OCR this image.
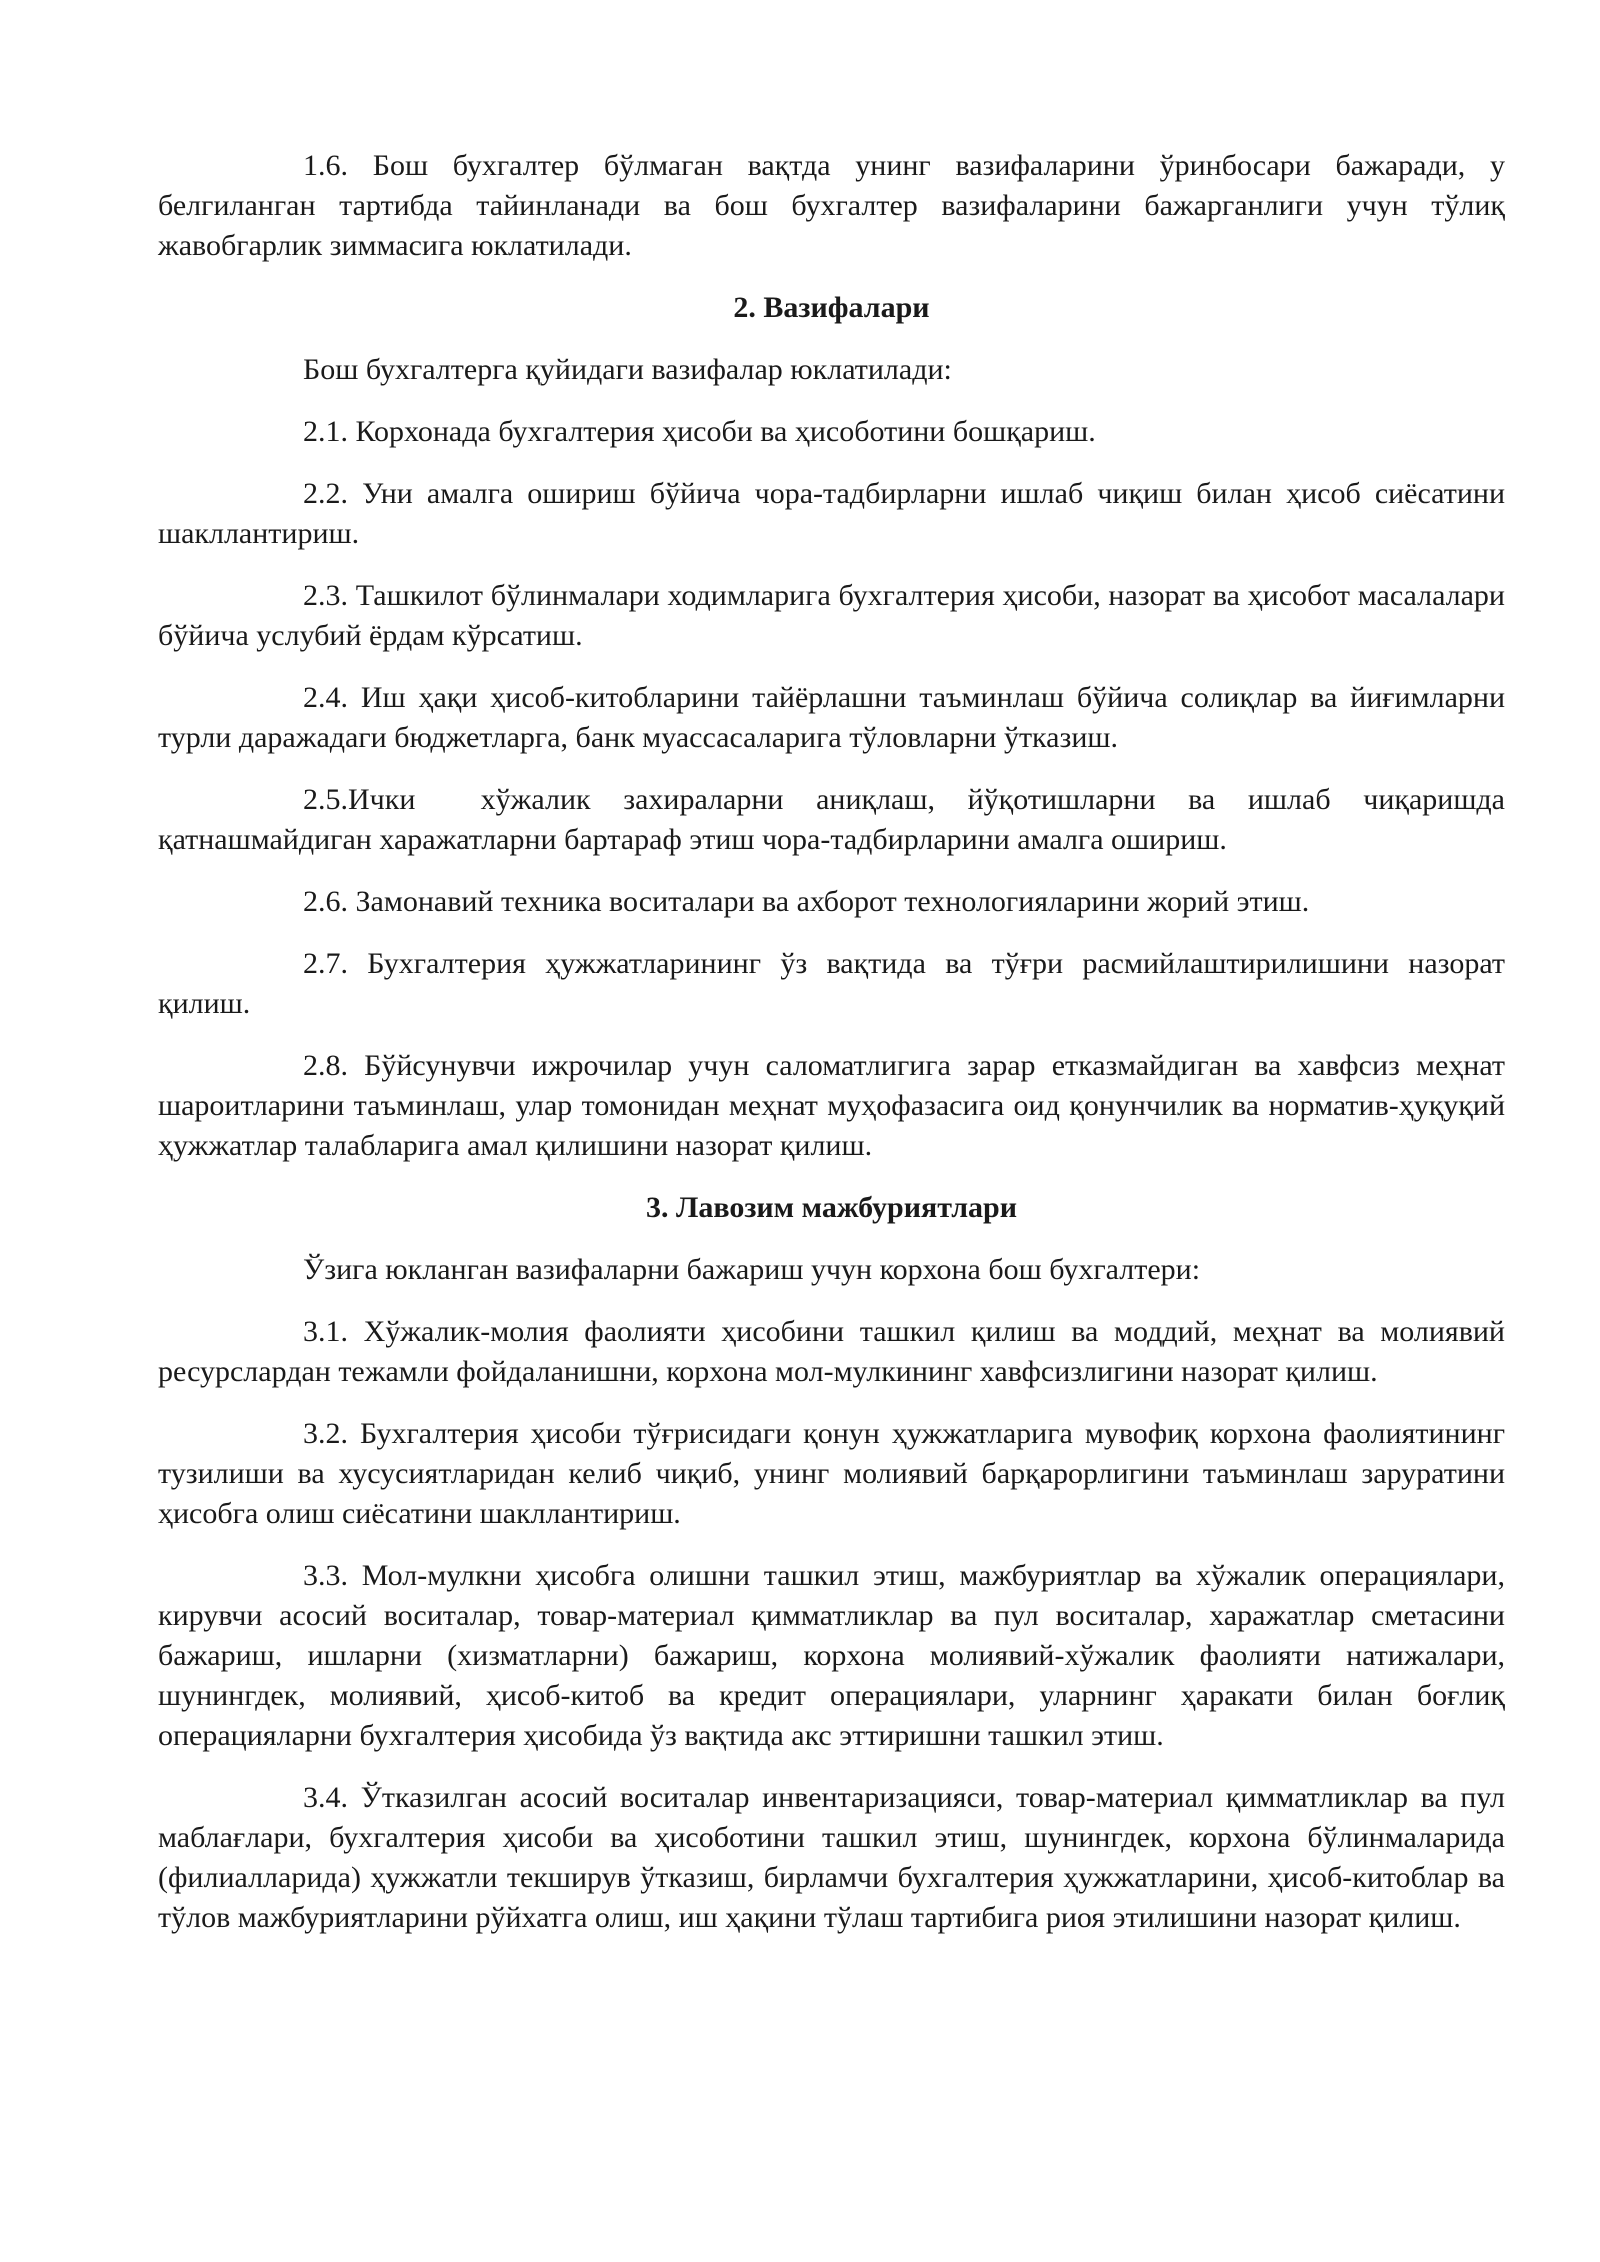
1.6. Бош бухгалтер бўлмаган вақтда унинг вазифаларини ўринбосари бажаради, у белгиланган тартибда тайинланади ва бош бухгалтер вазифаларини бажарганлиги учун тўлиқ жавобгарлик зиммасига юклатилади.

2. Вазифалари

Бош бухгалтерга қуйидаги вазифалар юклатилади:

2.1. Корхонада бухгалтерия ҳисоби ва ҳисоботини бошқариш.

2.2. Уни амалга ошириш бўйича чора-тадбирларни ишлаб чиқиш билан ҳисоб сиёсатини шакллантириш.

2.3. Ташкилот бўлинмалари ходимларига бухгалтерия ҳисоби, назорат ва ҳисобот масалалари бўйича услубий ёрдам кўрсатиш.

2.4. Иш ҳақи ҳисоб-китобларини тайёрлашни таъминлаш бўйича солиқлар ва йиғимларни турли даражадаги бюджетларга, банк муассасаларига тўловларни ўтказиш.

2.5.Ички  хўжалик захираларни аниқлаш, йўқотишларни ва ишлаб чиқаришда қатнашмайдиган харажатларни бартараф этиш чора-тадбирларини амалга ошириш.

2.6. Замонавий техника воситалари ва ахборот технологияларини жорий этиш.

2.7. Бухгалтерия ҳужжатларининг ўз вақтида ва тўғри расмийлаштирилишини назорат қилиш.

2.8. Бўйсунувчи ижрочилар учун саломатлигига зарар етказмайдиган ва хавфсиз меҳнат шароитларини таъминлаш, улар томонидан меҳнат муҳофазасига оид қонунчилик ва норматив-ҳуқуқий ҳужжатлар талабларига амал қилишини назорат қилиш.

3. Лавозим мажбуриятлари

Ўзига юкланган вазифаларни бажариш учун корхона бош бухгалтери:

3.1. Хўжалик-молия фаолияти ҳисобини ташкил қилиш ва моддий, меҳнат ва молиявий ресурслардан тежамли фойдаланишни, корхона мол-мулкининг хавфсизлигини назорат қилиш.

3.2. Бухгалтерия ҳисоби тўғрисидаги қонун ҳужжатларига мувофиқ корхона фаолиятининг тузилиши ва хусусиятларидан келиб чиқиб, унинг молиявий барқарорлигини таъминлаш заруратини ҳисобга олиш сиёсатини шакллантириш.

3.3. Мол-мулкни ҳисобга олишни ташкил этиш, мажбуриятлар ва хўжалик операциялари, кирувчи асосий воситалар, товар-материал қимматликлар ва пул воситалар, харажатлар сметасини бажариш, ишларни (хизматларни) бажариш, корхона молиявий-хўжалик фаолияти натижалари, шунингдек, молиявий, ҳисоб-китоб ва кредит операциялари, уларнинг ҳаракати билан боғлиқ операцияларни бухгалтерия ҳисобида ўз вақтида акс эттиришни ташкил этиш.

3.4. Ўтказилган асосий воситалар инвентаризацияси, товар-материал қимматликлар ва пул маблағлари, бухгалтерия ҳисоби ва ҳисоботини ташкил этиш, шунингдек, корхона бўлинмаларида (филиалларида) ҳужжатли текширув ўтказиш, бирламчи бухгалтерия ҳужжатларини, ҳисоб-китоблар ва тўлов мажбуриятларини рўйхатга олиш, иш ҳақини тўлаш тартибига риоя этилишини назорат қилиш.
